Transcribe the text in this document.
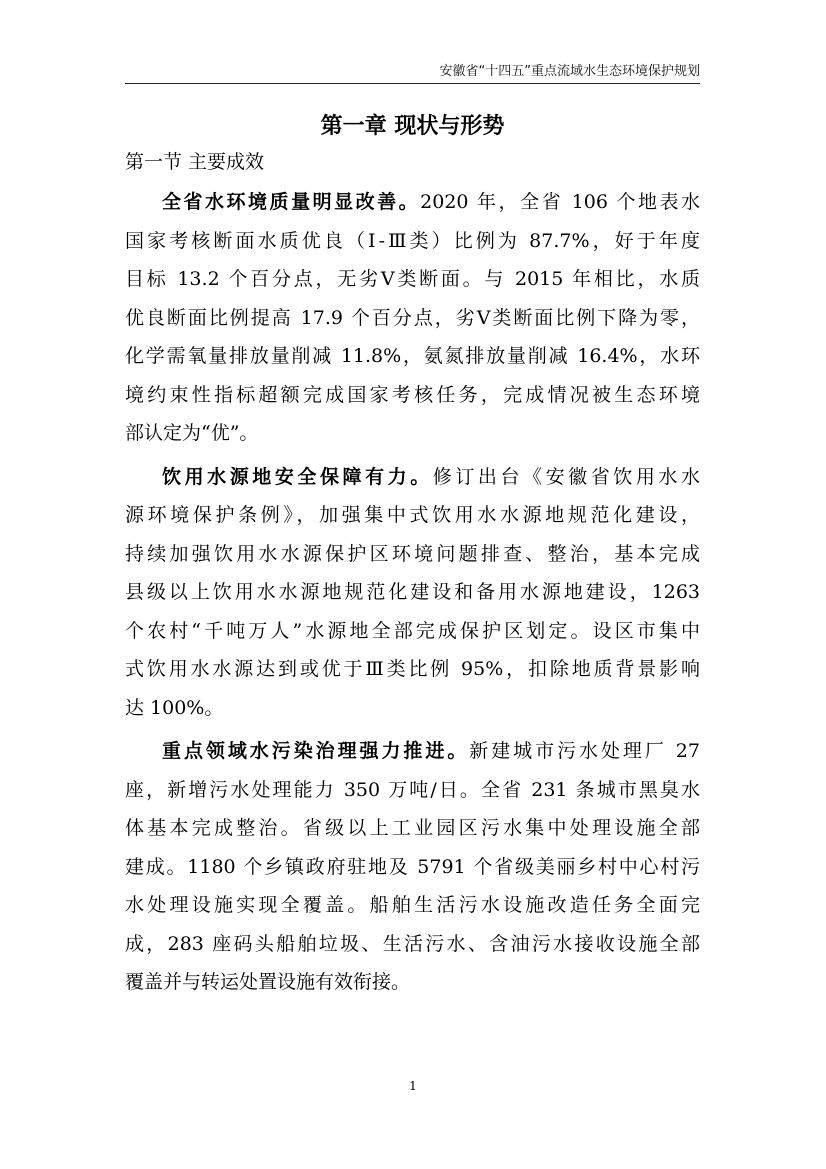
安徽省“十四五”重点流域水生态环境保护规划
第一章 现状与形势
第一节 主要成效
全省水环境质量明显改善。2020 年，全省 106 个地表水
国家考核断面水质优良（Ⅰ-Ⅲ类）比例为 87.7%，好于年度
目标 13.2 个百分点，无劣Ⅴ类断面。与 2015 年相比，水质
优良断面比例提高 17.9 个百分点，劣Ⅴ类断面比例下降为零，
化学需氧量排放量削减 11.8%，氨氮排放量削减 16.4%，水环
境约束性指标超额完成国家考核任务，完成情况被生态环境
部认定为“优”。
饮用水源地安全保障有力。修订出台《安徽省饮用水水
源环境保护条例》，加强集中式饮用水水源地规范化建设，
持续加强饮用水水源保护区环境问题排查、整治，基本完成
县级以上饮用水水源地规范化建设和备用水源地建设，1263
个农村“千吨万人”水源地全部完成保护区划定。设区市集中
式饮用水水源达到或优于Ⅲ类比例 95%，扣除地质背景影响
达 100%。
重点领域水污染治理强力推进。新建城市污水处理厂 27
座，新增污水处理能力 350 万吨/日。全省 231 条城市黑臭水
体基本完成整治。省级以上工业园区污水集中处理设施全部
建成。1180 个乡镇政府驻地及 5791 个省级美丽乡村中心村污
水处理设施实现全覆盖。船舶生活污水设施改造任务全面完
成，283 座码头船舶垃圾、生活污水、含油污水接收设施全部
覆盖并与转运处置设施有效衔接。
1
